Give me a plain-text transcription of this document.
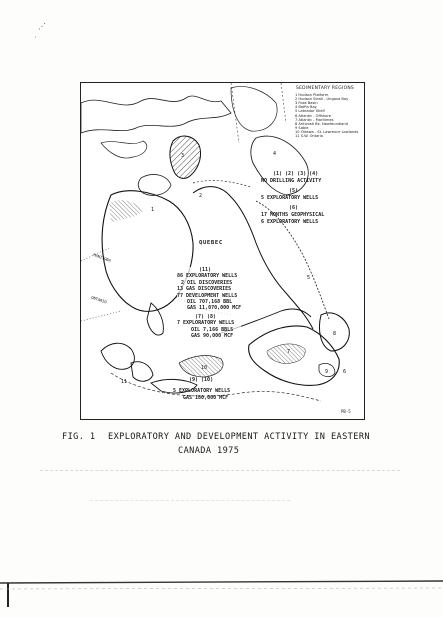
⋰
˙
1
2
3	4
5
6
7
8
9
10
11
SEDIMENTARY REGIONS
1 Hudson Platform
2 Hudson Strait - Ungava Bay
3 Foxe Basin
4 Baffin Bay
5 Labrador Shelf
6 Atlantic - Offshore
7 Atlantic - Maritimes
8 Anticosti Bk. Newfoundland
9 Sable
10 Ottawa - St. Lawrence Lowlands
11 S.W. Ontario
QUEBEC
MANITOBA
ONTARIO
PB-5
(1) (2) (3) (4)
NO DRILLING ACTIVITY
(5)
5 EXPLORATORY WELLS
(6)
17 MONTHS GEOPHYSICAL
6 EXPLORATORY WELLS
(11)
86 EXPLORATORY WELLS
2 OIL DISCOVERIES
13 GAS DISCOVERIES
77 DEVELOPMENT WELLS
OIL 707,168 BBL
GAS 11,070,000 MCF
(7) (8)
7 EXPLORATORY WELLS
OIL 7,166 BBLS
GAS 90,000 MCF
(9) (10)
5 EXPLORATORY WELLS
GAS 180,000 MCF
FIG. 1 EXPLORATORY AND DEVELOPMENT ACTIVITY IN EASTERN
CANADA 1975
